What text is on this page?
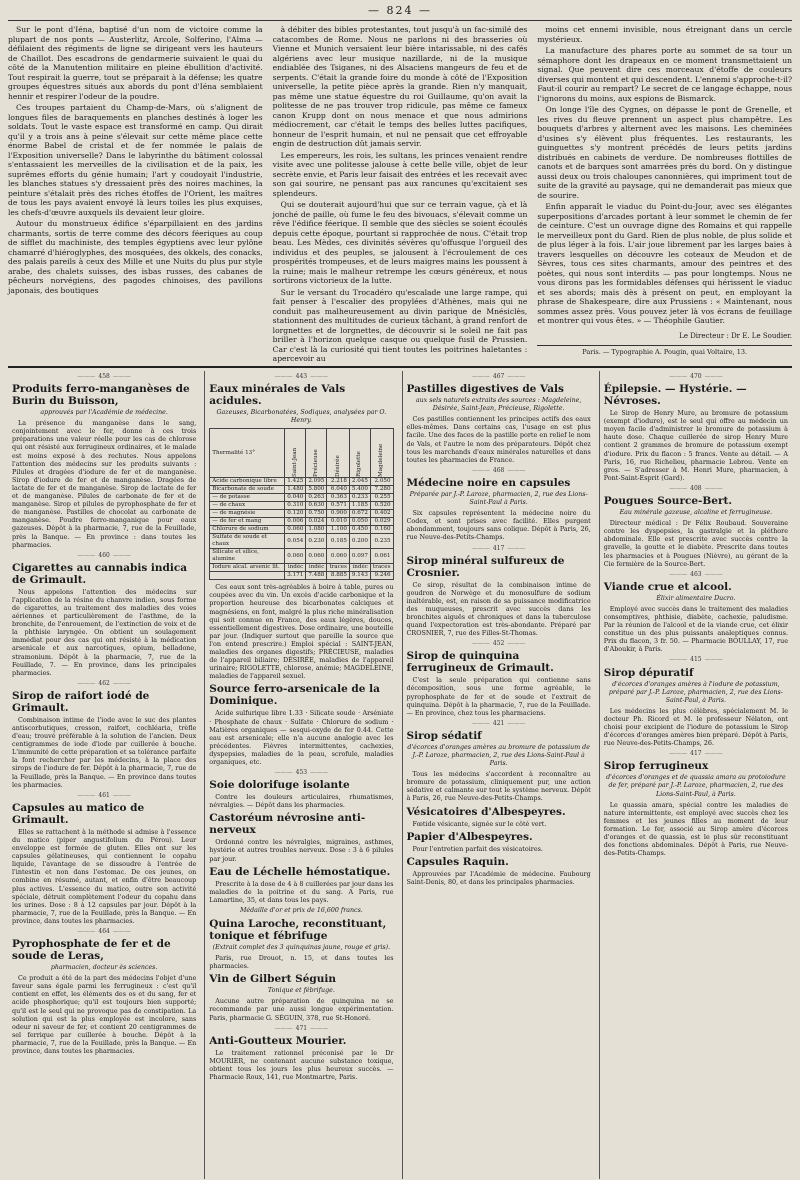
— 824 —

Sur le pont d'Iéna, baptisé d'un nom de victoire comme la plupart de nos ponts — Austerlitz, Arcole, Solferino, l'Alma — défilaient des régiments de ligne se dirigeant vers les hauteurs de Chaillot. Des escadrons de gendarmerie suivaient le quai du côté de la Manutention militaire en pleine ébullition d'activité. Tout respirait la guerre, tout se préparait à la défense; les quatre groupes équestres situés aux abords du pont d'Iéna semblaient hennir et respirer l'odeur de la poudre.

Ces troupes partaient du Champ-de-Mars, où s'alignent de longues files de baraquements en planches destinés à loger les soldats. Tout le vaste espace est transformé en camp. Qui dirait qu'il y a trois ans à peine s'élevait sur cette même place cette énorme Babel de cristal et de fer nommée le palais de l'Exposition universelle? Dans le labyrinthe du bâtiment colossal s'entassaient les merveilles de la civilisation et de la paix, les suprêmes efforts du génie humain; l'art y coudoyait l'industrie, les blanches statues s'y dressaient près des noires machines, la peinture s'étalait près des riches étoffes de l'Orient, les maîtres de tous les pays avaient envoyé là leurs toiles les plus exquises, les chefs-d'œuvre auxquels ils devaient leur gloire.

Autour du monstrueux édifice s'éparpillaient en des jardins charmants, sortis de terre comme des décors féeriques au coup de sifflet du machiniste, des temples égyptiens avec leur pylône chamarré d'hiéroglyphes, des mosquées, des okkels, des conacks, des palais pareils à ceux des Mille et une Nuits du plus pur style arabe, des chalets suisses, des isbas russes, des cabanes de pêcheurs norvégiens, des pagodes chinoises, des pavillons japonais, des boutiques

à débiter des bibles protestantes, tout jusqu'à un fac-similé des catacombes de Rome. Nous ne parlons ni des brasseries où Vienne et Munich versaient leur bière intarissable, ni des cafés algériens avec leur musique nazillarde, ni de la musique endiablée des Tsiganes, ni des Alsaciens mangeurs de feu et de serpents. C'était la grande foire du monde à côté de l'Exposition universelle, la petite pièce après la grande. Rien n'y manquait, pas même une statue équestre du roi Guillaume, qu'on avait la politesse de ne pas trouver trop ridicule, pas même ce fameux canon Krupp dont on nous menace et que nous admirions médiocrement, car c'était le temps des belles luttes pacifiques, honneur de l'esprit humain, et nul ne pensait que cet effroyable engin de destruction dût jamais servir.

Les empereurs, les rois, les sultans, les princes venaient rendre visite avec une politesse jalouse à cette belle ville, objet de leur secrète envie, et Paris leur faisait des entrées et les recevait avec son gai sourire, ne pensant pas aux rancunes qu'excitaient ses splendeurs.

Qui se douterait aujourd'hui que sur ce terrain vague, çà et là jonché de paille, où fume le feu des bivouacs, s'élevait comme un rêve l'édifice féerique. Il semble que des siècles se soient écoulés depuis cette époque, pourtant si rapprochée de nous. C'était trop beau. Les Mèdes, ces divinités sévères qu'offusque l'orgueil des individus et des peuples, se jalousent à l'écroulement de ces prospérités trompeuses, et de leurs maigres mains les poussent à la ruine; mais le malheur retrempe les cœurs généreux, et nous sortirons victorieux de la lutte.

Sur le versant du Trocadéro qu'escalade une large rampe, qui fait penser à l'escalier des propylées d'Athènes, mais qui ne conduit pas malheureusement au divin parique de Mnésiclès, stationnent des multitudes de curieux tâchant, à grand renfort de lorgnettes et de lorgnettes, de découvrir si le soleil ne fait pas briller à l'horizon quelque casque ou quelque fusil de Prussien. Car c'est là la curiosité qui tient toutes les poitrines haletantes : apercevoir au

moins cet ennemi invisible, nous étreignant dans un cercle mystérieux.

La manufacture des phares porte au sommet de sa tour un sémaphore dont les drapeaux en ce moment transmettaient un signal. Que peuvent dire ces morceaux d'étoffe de couleurs diverses qui montent et qui descendent. L'ennemi s'approche-t-il? Faut-il courir au rempart? Le secret de ce langage échappe, nous l'ignorons du moins, aux espions de Bismarck.

On longe l'île des Cygnes, on dépasse le pont de Grenelle, et les rives du fleuve prennent un aspect plus champêtre. Les bouquets d'arbres y alternent avec les maisons. Les cheminées d'usines s'y élèvent plus fréquentes. Les restaurants, les guinguettes s'y montrent précédés de leurs petits jardins distribués en cabinets de verdure. De nombreuses flottilles de canots et de barques sont amarrées près du bord. On y distingue aussi deux ou trois chaloupes canonnières, qui impriment tout de suite de la gravité au paysage, qui ne demanderait pas mieux que de sourire.

Enfin apparaît le viaduc du Point-du-Jour, avec ses élégantes superpositions d'arcades portant à leur sommet le chemin de fer de ceinture. C'est un ouvrage digne des Romains et qui rappelle le merveilleux pont du Gard. Rien de plus noble, de plus solide et de plus léger à la fois. L'air joue librement par les larges baies à travers lesquelles on découvre les coteaux de Meudon et de Sèvres, tous ces sites charmants, amour des peintres et des poètes, qui nous sont interdits — pas pour longtemps. Nous ne vous dirons pas les formidables défenses qui hérissent le viaduc et ses abords; mais dès à présent on peut, en employant la phrase de Shakespeare, dire aux Prussiens : « Maintenant, nous sommes assez près. Vous pouvez jeter là vos écrans de feuillage et montrer qui vous êtes. » — Théophile Gautier.

Le Directeur : Dr E. Le Soudier.
Paris. — Typographie A. Pougin, quai Voltaire, 13.
——— 458 ———
Produits ferro-manganèses de Burin du Buisson,
approuvés par l'Académie de médecine.

La présence du manganèse dans le sang, conjointement avec le fer, donne à ces trois préparations une valeur réelle pour les cas de chlorose qui ont résisté aux ferrugineux ordinaires, et le malade est moins exposé à des rechutes. Nous appelons l'attention des médecins sur les produits suivants : Pilules et dragées d'iodure de fer et de manganèse. Sirop d'iodure de fer et de manganèse. Dragées de lactate de fer et de manganèse. Sirop de lactate de fer et de manganèse. Pilules de carbonate de fer et de manganèse. Sirop et pilules de pyrophosphate de fer et de manganèse. Pastilles de chocolat au carbonate de manganèse. Poudre ferro-manganique pour eaux gazeuses. Dépôt à la pharmacie, 7, rue de la Feuillade, près la Banque. — En province : dans toutes les pharmacies.

——— 460 ———
Cigarettes au cannabis indica de Grimault.

Nous appelons l'attention des médecins sur l'application de la résine du chanvre indien, sous forme de cigarettes, au traitement des maladies des voies aériennes et particulièrement de l'asthme, de la bronchite, de l'enrouement, de l'extinction de voix et de la phthisie laryngée. On obtient un soulagement immédiat pour des cas qui ont résisté à la médication arsenicale et aux narcotiques, opium, belladone, stramonium. Dépôt à la pharmacie, 7, rue de la Feuillade, 7. — En province, dans les principales pharmacies.

——— 462 ———
Sirop de raifort iodé de Grimault.

Combinaison intime de l'iode avec le suc des plantes antiscorbutiques, cresson, raifort, cochléaria, trèfle d'eau; trouvé préférable à la solution de l'ancien. Deux centigrammes de iode d'iode par cuillerée à bouche. L'immunité de cette préparation et sa tolérance parfaite la font rechercher par les médecins, à la place des sirops de l'iodure de fer. Dépôt à la pharmacie, 7, rue de la Feuillade, près la Banque. — En province dans toutes les pharmacies.

——— 461 ———
Capsules au matico de Grimault.

Elles se rattachent à la méthode si admise à l'essence du matico (piper angustifolium du Pérou). Leur enveloppe est formée de gluten. Elles ont sur les capsules gélatineuses, qui contiennent le copahu liquide, l'avantage de se dissoudre à l'entrée de l'intestin et non dans l'estomac. De ces jeunes, on combine en résumé, autant, et enfin d'être beaucoup plus actives. L'essence du matico, outre son activité spéciale, détruit complètement l'odeur du copahu dans les urines. Dose : 8 à 12 capsules par jour. Dépôt à la pharmacie, 7, rue de la Feuillade, près la Banque. — En province, dans toutes les pharmacies.

——— 464 ———
Pyrophosphate de fer et de soude de Leras,
pharmacien, docteur ès sciences.

Ce produit a été de la part des médecins l'objet d'une faveur sans égale parmi les ferrugineux : c'est qu'il contient en effet, les éléments des os et du sang, fer et acide phosphorique; qu'il est toujours bien supporté; qu'il est le seul qui ne provoque pas de constipation. La solution qui est la plus employée est incolore, sans odeur ni saveur de fer, et contient 20 centigrammes de sel ferrique par cuillerée à bouche. Dépôt à la pharmacie, 7, rue de la Feuillade, près la Banque. — En province, dans toutes les pharmacies.

——— 443 ———
Eaux minérales de Vals acidules.
Gazeuses, Bicarbonatées, Sodiques, analysées par O. Henry.
Thermalité 13°	Saint-Jean	Précieuse	Désirée	Rigolette	Magdeleine
Acide carbonique libre	1.425	2.095	2.218	2.045	2.050
Bicarbonate de soude	1.480	5.800	6.040	5.400	7.280
— de potasse	0.040	0.263	0.363	0.233	0.255
— de chaux	0.310	0.630	0.571	1.185	0.520
— de magnésie	0.120	0.750	0.900	0.672	0.402
— de fer et mang	0.006	0.024	0.010	0.050	0.029
Chlorure de sodium	0.060	1.080	1.100	0.450	0.160
Sulfate de soude et chaux	0.054	0.230	0.185	0.200	0.235
Silicate et silice, alumine	0.060	0.060	0.060	0.097	0.061
Iodure alcal. arsenic lit.	indéc	indéc	traces	indéc	traces
	3.171	7.488	8.885	9.143	9.246

Ces eaux sont très-agréables à boire à table, pures ou coupées avec du vin. Un excès d'acide carbonique et la proportion heureuse des bicarbonates calciques et magnésiens, en font, malgré la plus riche minéralisation qui soit connue en France, des eaux légères, douces, essentiellement digestives. Dose ordinaire, une bouteille par jour. (Indiquer surtout que pareille la source que l'on entend prescrire.) Emploi spécial : SAINT-JEAN, maladies des organes digestifs; PRÉCIEUSE, maladies de l'appareil biliaire; DÉSIRÉE, maladies de l'appareil urinaire; RIGOLETTE, chlorose, anémie; MAGDELEINE, maladies de l'appareil sexuel.

Source ferro-arsenicale de la Dominique.

Acide sulfurique libre 1.33 · Silicate soude · Arséniate · Phosphate de chaux · Sulfate · Chlorure de sodium · Matières organiques — sesqui-oxyde de fer 0.44. Cette eau est arsenicale; elle n'a aucune analogie avec les précédentes. Fièvres intermittentes, cachexies, dyspepsies, maladies de la peau, scrofule, maladies organiques, etc.

——— 453 ———
Soie dolorifuge isolante

Contre les douleurs articulaires, rhumatismes, névralgies. — Dépôt dans les pharmacies.

Castoréum névrosine anti-nerveux

Ordonné contre les névralgies, migraines, asthmes, hystérie et autres troubles nerveux. Dose : 3 à 6 pilules par jour.

Eau de Léchelle hémostatique.

Prescrite à la dose de 4 à 8 cuillerées par jour dans les maladies de la poitrine et du sang. A Paris, rue Lamartine, 35, et dans tous les pays.

Médaille d'or et prix de 16,600 francs.
Quina Laroche, reconstituant, tonique et fébrifuge
(Extrait complet des 3 quinquinas jaune, rouge et gris).

Paris, rue Drouot, n. 15, et dans toutes les pharmacies.

Vin de Gilbert Séguin
Tonique et fébrifuge.

Aucune autre préparation de quinquina ne se recommande par une aussi longue expérimentation. Paris, pharmacie G. SÉGUIN, 378, rue St-Honoré.

——— 471 ———
Anti-Goutteux Mourier.

Le traitement rationnel préconisé par le Dr MOURIER, ne contenant aucune substance toxique, obtient tous les jours les plus heureux succès. — Pharmacie Roux, 141, rue Montmartre, Paris.

——— 467 ———
Pastilles digestives de Vals
aux sels naturels extraits des sources : Magdeleine, Désirée, Saint-Jean, Précieuse, Rigolette.

Ces pastilles contiennent les principes actifs des eaux elles-mêmes. Dans certains cas, l'usage en est plus facile. Une des faces de la pastille porte en relief le nom de Vals, et l'autre le nom des préparateurs. Dépôt chez tous les marchands d'eaux minérales naturelles et dans toutes les pharmacies de France.

——— 468 ———
Médecine noire en capsules
Préparée par J.-P. Laroze, pharmacien, 2, rue des Lions-Saint-Paul à Paris.

Six capsules représentent la médecine noire du Codex, et sont prises avec facilité. Elles purgent abondamment, toujours sans colique. Dépôt à Paris, 26, rue Neuve-des-Petits-Champs.

——— 417 ———
Sirop minéral sulfureux de Crosnier.

Ce sirop, résultat de la combinaison intime de goudron de Norwège et du monosulfure de sodium inaltérable, est, en raison de sa puissance modificatrice des muqueuses, prescrit avec succès dans les bronchites aiguës et chroniques et dans la tuberculose quand l'expectoration est très-abondante. Préparé par CROSNIER, 7, rue des Filles-St-Thomas.

——— 452 ———
Sirop de quinquina ferrugineux de Grimault.

C'est la seule préparation qui contienne sans décomposition, sous une forme agréable, le pyrophosphate de fer et de soude et l'extrait de quinquina. Dépôt à la pharmacie, 7, rue de la Feuillade. — En province, chez tous les pharmaciens.

——— 421 ———
Sirop sédatif
d'écorces d'oranges amères au bromure de potassium de J.-P. Laroze, pharmacien, 2, rue des Lions-Saint-Paul à Paris.

Tous les médecins s'accordent à reconnaître au bromure de potassium, cliniquement pur, une action sédative et calmante sur tout le système nerveux. Dépôt à Paris, 26, rue Neuve-des-Petits-Champs.

Vésicatoires d'Albespeyres.

Fœtide vésicante, signée sur le côté vert.

Papier d'Albespeyres.

Pour l'entretien parfait des vésicatoires.

Capsules Raquin.

Approuvées par l'Académie de médecine. Faubourg Saint-Denis, 80, et dans les principales pharmacies.

——— 470 ———
Épilepsie. — Hystérie. — Névroses.

Le Sirop de Henry Mure, au bromure de potassium (exempt d'iodure), est le seul qui offre au médecin un moyen facile d'administrer le bromure de potassium à haute dose. Chaque cuillerée de sirop Henry Mure contient 2 grammes de bromure de potassium exempt d'iodure. Prix du flacon : 5 francs. Vente au détail. — A Paris, 16, rue Richelieu, pharmacie Lebrou. Vente en gros. — S'adresser à M. Henri Mure, pharmacien, à Pont-Saint-Esprit (Gard).

——— 408 ———
Pougues Source-Bert.
Eau minérale gazeuse, alcaline et ferrugineuse.

Directeur médical : Dr Félix Roubaud. Souveraine contre les dyspepsies, la gastralgie et la pléthore abdominale. Elle est prescrite avec succès contre la gravelle, la goutte et le diabète. Prescrite dans toutes les pharmacies et à Pougues (Nièvre), au gérant de la Cie fermière de la Source-Bert.

——— 463 ———
Viande crue et alcool.
Élixir alimentaire Ducro.

Employé avec succès dans le traitement des maladies consomptives, phthisie, diabète, cachexie, paludisme. Par la réunion de l'alcool et de la viande crue, cet élixir constitue un des plus puissants analeptiques connus. Prix du flacon, 3 fr. 50. — Pharmacie BOULLAY, 17, rue d'Aboukir, à Paris.

——— 415 ———
Sirop dépuratif
d'écorces d'oranges amères à l'iodure de potassium, préparé par J.-P. Laroze, pharmacien, 2, rue des Lions-Saint-Paul, à Paris.

Les médecins les plus célèbres, spécialement M. le docteur Ph. Ricord et M. le professeur Nélaton, ont choisi pour excipient de l'iodure de potassium le Sirop d'écorces d'oranges amères bien préparé. Dépôt à Paris, rue Neuve-des-Petits-Champs, 26.

——— 417 ———
Sirop ferrugineux
d'écorces d'oranges et de quassia amara au protoiodure de fer, préparé par J.-P. Laroze, pharmacien, 2, rue des Lions-Saint-Paul, à Paris.

Le quassia amara, spécial contre les maladies de nature intermittente, est employé avec succès chez les femmes et les jeunes filles au moment de leur formation. Le fer, associé au Sirop amère d'écorces d'oranges et de quassia, est le plus sûr reconstituant des fonctions abdominales. Dépôt à Paris, rue Neuve-des-Petits-Champs.
